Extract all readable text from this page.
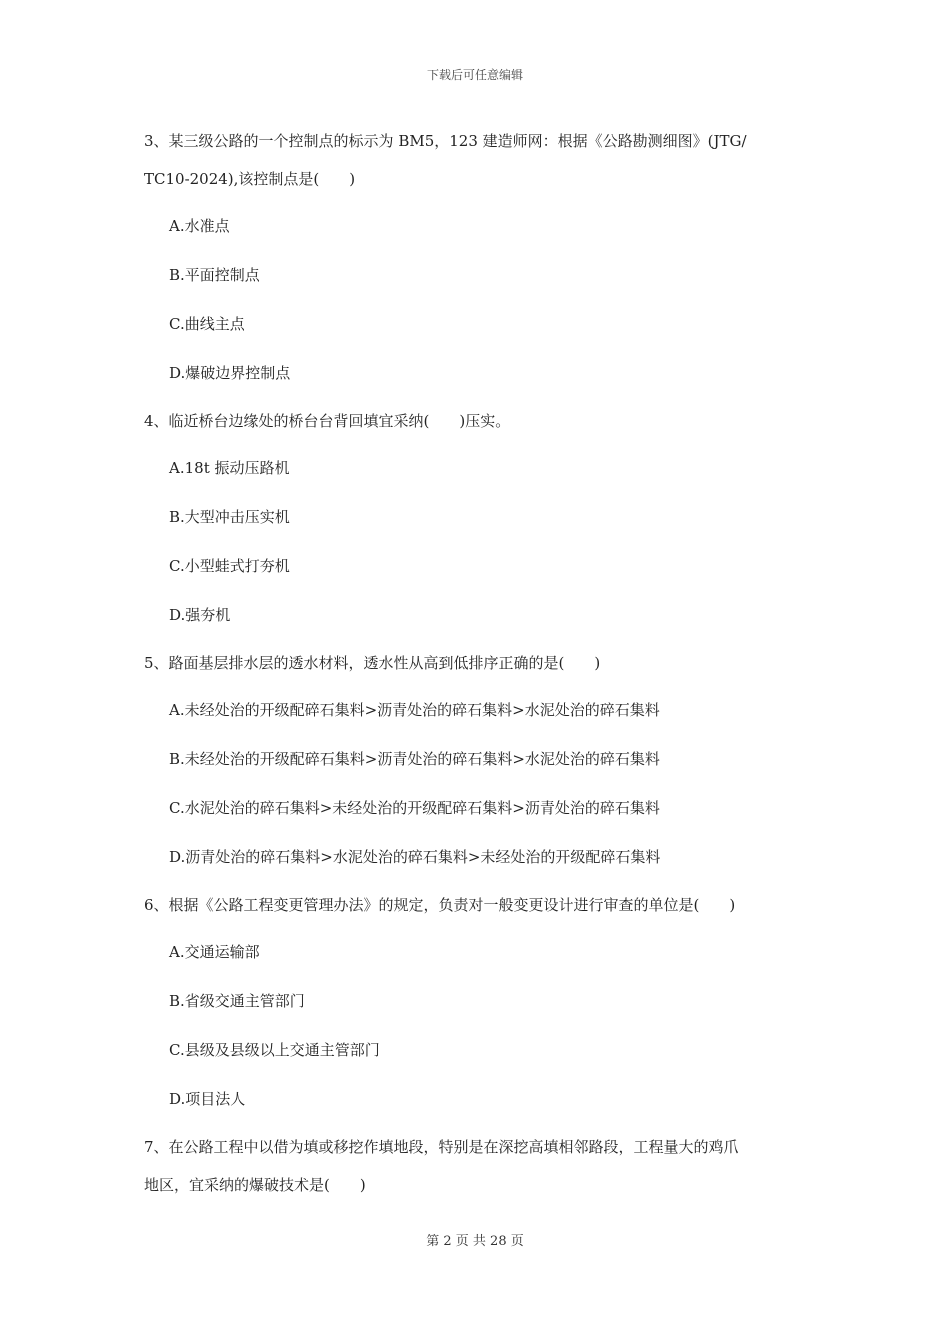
下载后可任意编辑

3、某三级公路的一个控制点的标示为 BM5，123 建造师网：根据《公路勘测细图》(JTG/
TC10-2024),该控制点是(　　)

A.水准点

B.平面控制点

C.曲线主点

D.爆破边界控制点

4、临近桥台边缘处的桥台台背回填宜采纳(　　)压实。

A.18t 振动压路机

B.大型冲击压实机

C.小型蛙式打夯机

D.强夯机

5、路面基层排水层的透水材料，透水性从高到低排序正确的是(　　)

A.未经处治的开级配碎石集料>沥青处治的碎石集料>水泥处治的碎石集料

B.未经处治的开级配碎石集料>沥青处治的碎石集料>水泥处治的碎石集料

C.水泥处治的碎石集料>未经处治的开级配碎石集料>沥青处治的碎石集料

D.沥青处治的碎石集料>水泥处治的碎石集料>未经处治的开级配碎石集料

6、根据《公路工程变更管理办法》的规定，负责对一般变更设计进行审查的单位是(　　)

A.交通运输部

B.省级交通主管部门

C.县级及县级以上交通主管部门

D.项目法人

7、在公路工程中以借为填或移挖作填地段，特别是在深挖高填相邻路段，工程量大的鸡爪
地区，宜采纳的爆破技术是(　　)

第 2 页 共 28 页
